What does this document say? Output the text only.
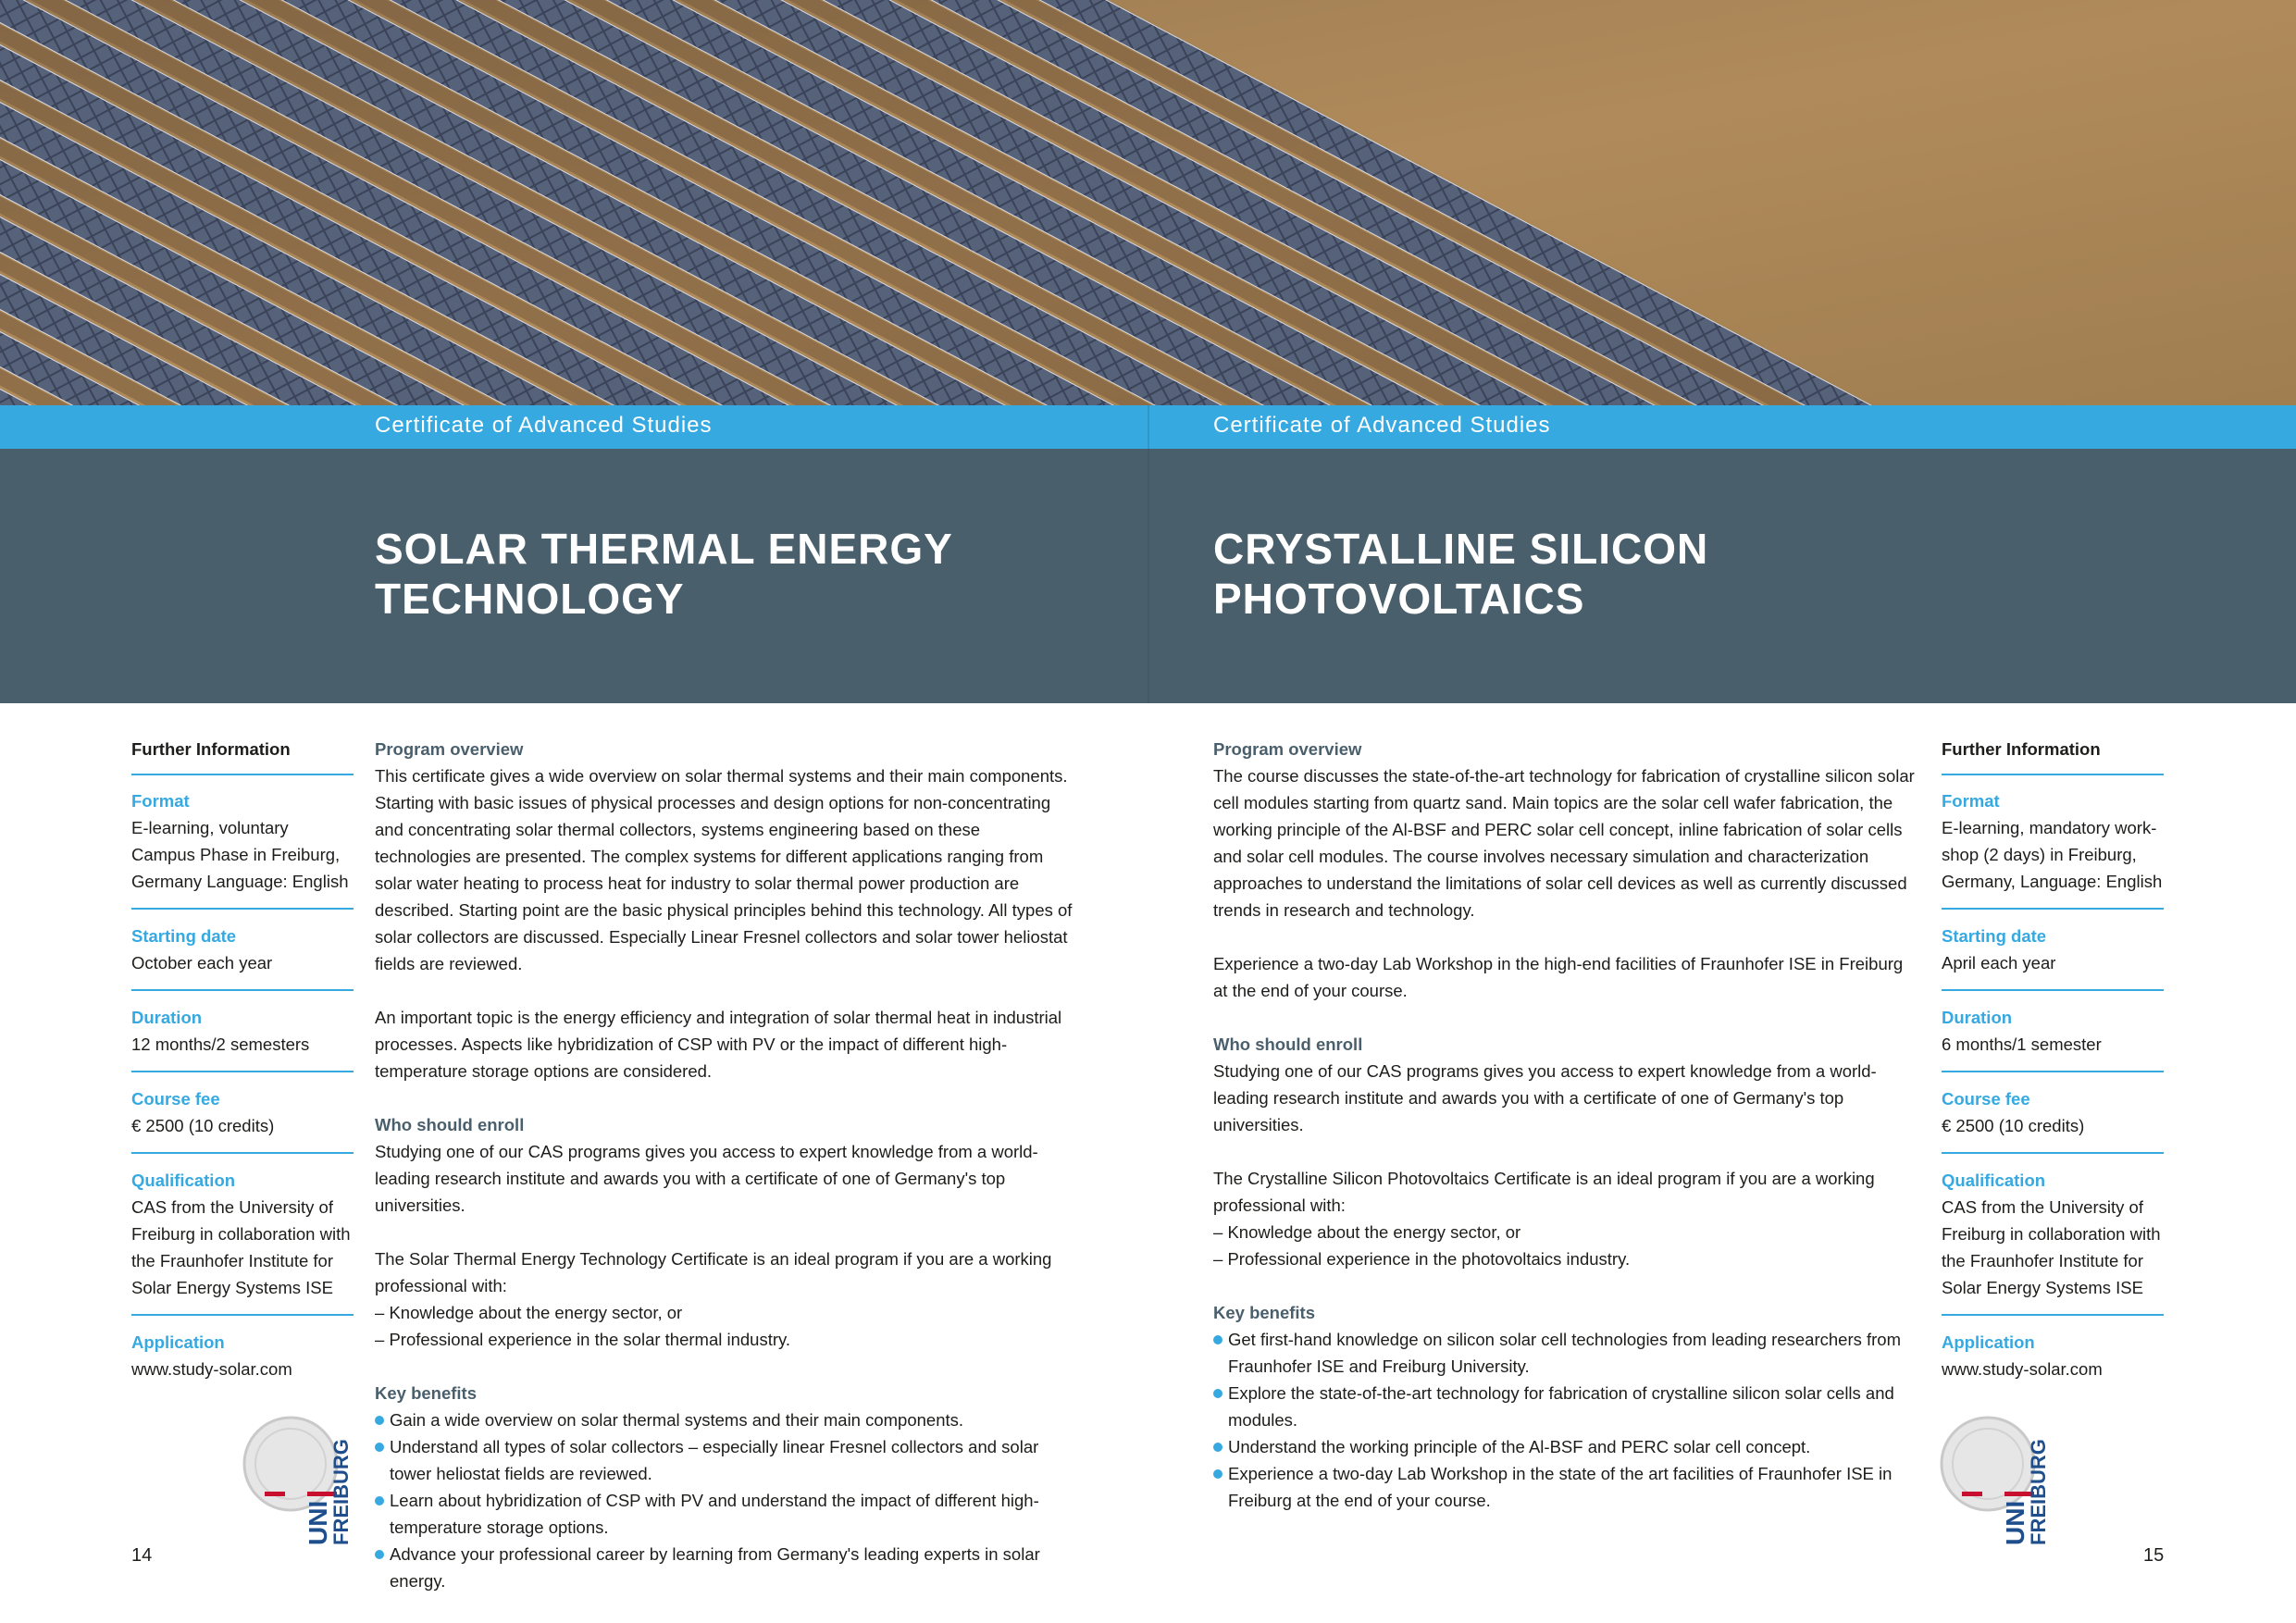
Certificate of Advanced Studies	Certificate of Advanced Studies
SOLAR THERMAL ENERGY
TECHNOLOGY
CRYSTALLINE SILICON
PHOTOVOLTAICS
Further Information
Format
E-learning, voluntary Campus Phase in Freiburg, Germany Language: English
Starting date
October each year
Duration
12 months/2 semesters
Course fee
€ 2500 (10 credits)
Qualification
CAS from the University of Freiburg in collaboration with the Fraunhofer Institute for Solar Energy Systems ISE
Application
www.study-solar.com
Program overview

This certificate gives a wide overview on solar thermal systems and their main components. Starting with basic issues of physical processes and design options for non-concentrating and concentrating solar thermal collectors, systems engineering based on these technologies are presented. The complex systems for different applications ranging from solar water heating to process heat for industry to solar thermal power production are described. Starting point are the basic physical principles behind this technology. All types of solar collectors are discussed. Especially Linear Fresnel collectors and solar tower heliostat fields are reviewed.

An important topic is the energy efficiency and integration of solar thermal heat in industrial processes. Aspects like hybridization of CSP with PV or the impact of different high-temperature storage options are considered.

Who should enroll

Studying one of our CAS programs gives you access to expert knowledge from a world-leading research institute and awards you with a certificate of one of Germany's top universities.

The Solar Thermal Energy Technology Certificate is an ideal program if you are a working professional with:

– Knowledge about the energy sector, or
– Professional experience in the solar thermal industry.
Key benefits
Gain a wide overview on solar thermal systems and their main components.
Understand all types of solar collectors – especially linear Fresnel collectors and solar tower heliostat fields are reviewed.
Learn about hybridization of CSP with PV and understand the impact of different high-temperature storage options.
Advance your professional career by learning from Germany's leading experts in solar energy.
Program overview

The course discusses the state-of-the-art technology for fabrication of crystalline silicon solar cell modules starting from quartz sand. Main topics are the solar cell wafer fabrication, the working principle of the Al-BSF and PERC solar cell concept, inline fabrication of solar cells and solar cell modules. The course involves necessary simulation and characterization approaches to understand the limitations of solar cell devices as well as currently discussed trends in research and technology.

Experience a two-day Lab Workshop in the high-end facilities of Fraunhofer ISE in Freiburg at the end of your course.

Who should enroll

Studying one of our CAS programs gives you access to expert knowledge from a world-leading research institute and awards you with a certificate of one of Germany's top universities.

The Crystalline Silicon Photovoltaics Certificate is an ideal program if you are a working professional with:

– Knowledge about the energy sector, or
– Professional experience in the photovoltaics industry.
Key benefits
Get first-hand knowledge on silicon solar cell technologies from leading researchers from Fraunhofer ISE and Freiburg University.
Explore the state-of-the-art technology for fabrication of crystalline silicon solar cells and modules.
Understand the working principle of the Al-BSF and PERC solar cell concept.
Experience a two-day Lab Workshop in the state of the art facilities of Fraunhofer ISE in Freiburg at the end of your course.
Further Information
Format
E-learning, mandatory work-shop (2 days) in Freiburg, Germany, Language: English
Starting date
April each year
Duration
6 months/1 semester
Course fee
€ 2500 (10 credits)
Qualification
CAS from the University of Freiburg in collaboration with the Fraunhofer Institute for Solar Energy Systems ISE
Application
www.study-solar.com
UNI
FREIBURG	UNI
FREIBURG
14	15
